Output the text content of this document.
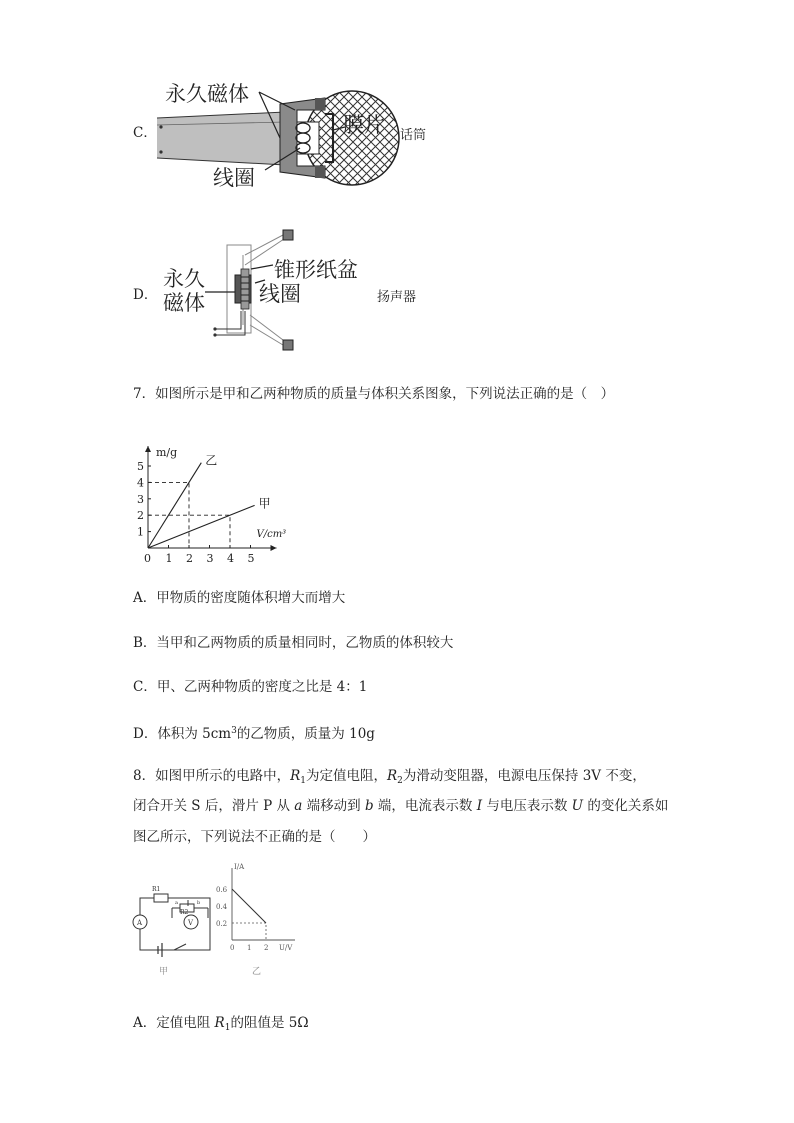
C．
永久磁体
膜片
线圈
话筒
D．
永久
磁体
锥形纸盆
线圈	扬声器
7．如图所示是甲和乙两种物质的质量与体积关系图象，下列说法正确的是（　）
1 2 3 4 5
1
2
3
4
5
0
m/g
V/cm³
乙
甲
A．甲物质的密度随体积增大而增大
B．当甲和乙两物质的质量相同时，乙物质的体积较大
C．甲、乙两种物质的密度之比是 4：1
D．体积为 $5cm^3$的乙物质，质量为 10g
8．如图甲所示的电路中，$R_1$为定值电阻，$R_2$为滑动变阻器，电源电压保持 3V 不变，
闭合开关 S 后，滑片 P 从 a 端移动到 b 端，电流表示数 I 与电压表示数 U 的变化关系如
图乙所示，下列说法不正确的是（　　）
R1
R2
a	b
A	V
I/A
U/V
0 1 2
0.2
0.4
0.6
甲	乙
A．定值电阻 $R_1$的阻值是 5Ω
